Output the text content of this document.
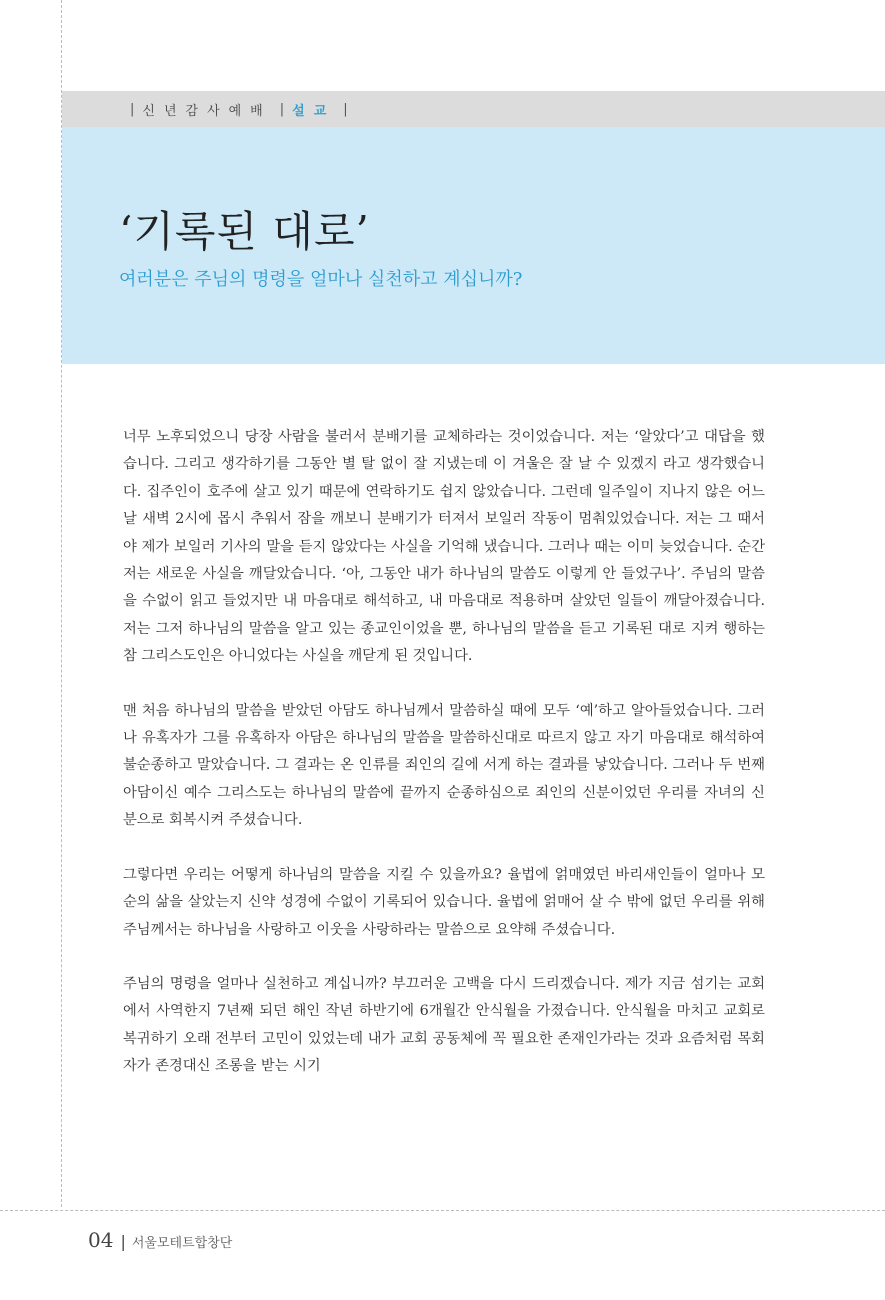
| 신년감사예배 | 설교 |
‘기록된 대로’

여러분은 주님의 명령을 얼마나 실천하고 계십니까?

너무 노후되었으니 당장 사람을 불러서 분배기를 교체하라는 것이었습니다. 저는 ‘알았다’고 대답을 했습니다. 그리고 생각하기를 그동안 별 탈 없이 잘 지냈는데 이 겨울은 잘 날 수 있겠지 라고 생각했습니다. 집주인이 호주에 살고 있기 때문에 연락하기도 쉽지 않았습니다. 그런데 일주일이 지나지 않은 어느 날 새벽 2시에 몹시 추워서 잠을 깨보니 분배기가 터져서 보일러 작동이 멈춰있었습니다. 저는 그 때서야 제가 보일러 기사의 말을 듣지 않았다는 사실을 기억해 냈습니다. 그러나 때는 이미 늦었습니다. 순간 저는 새로운 사실을 깨달았습니다. ‘아, 그동안 내가 하나님의 말씀도 이렇게 안 들었구나’. 주님의 말씀을 수없이 읽고 들었지만 내 마음대로 해석하고, 내 마음대로 적용하며 살았던 일들이 깨달아졌습니다. 저는 그저 하나님의 말씀을 알고 있는 종교인이었을 뿐, 하나님의 말씀을 듣고 기록된 대로 지켜 행하는 참 그리스도인은 아니었다는 사실을 깨닫게 된 것입니다.

맨 처음 하나님의 말씀을 받았던 아담도 하나님께서 말씀하실 때에 모두 ‘예’하고 알아들었습니다. 그러나 유혹자가 그를 유혹하자 아담은 하나님의 말씀을 말씀하신대로 따르지 않고 자기 마음대로 해석하여 불순종하고 말았습니다. 그 결과는 온 인류를 죄인의 길에 서게 하는 결과를 낳았습니다. 그러나 두 번째 아담이신 예수 그리스도는 하나님의 말씀에 끝까지 순종하심으로 죄인의 신분이었던 우리를 자녀의 신분으로 회복시켜 주셨습니다.

그렇다면 우리는 어떻게 하나님의 말씀을 지킬 수 있을까요? 율법에 얽매였던 바리새인들이 얼마나 모순의 삶을 살았는지 신약 성경에 수없이 기록되어 있습니다. 율법에 얽매어 살 수 밖에 없던 우리를 위해 주님께서는 하나님을 사랑하고 이웃을 사랑하라는 말씀으로 요약해 주셨습니다.

주님의 명령을 얼마나 실천하고 계십니까? 부끄러운 고백을 다시 드리겠습니다. 제가 지금 섬기는 교회에서 사역한지 7년째 되던 해인 작년 하반기에 6개월간 안식월을 가졌습니다. 안식월을 마치고 교회로 복귀하기 오래 전부터 고민이 있었는데 내가 교회 공동체에 꼭 필요한 존재인가라는 것과 요즘처럼 목회자가 존경대신 조롱을 받는 시기

04 | 서울모테트합창단
